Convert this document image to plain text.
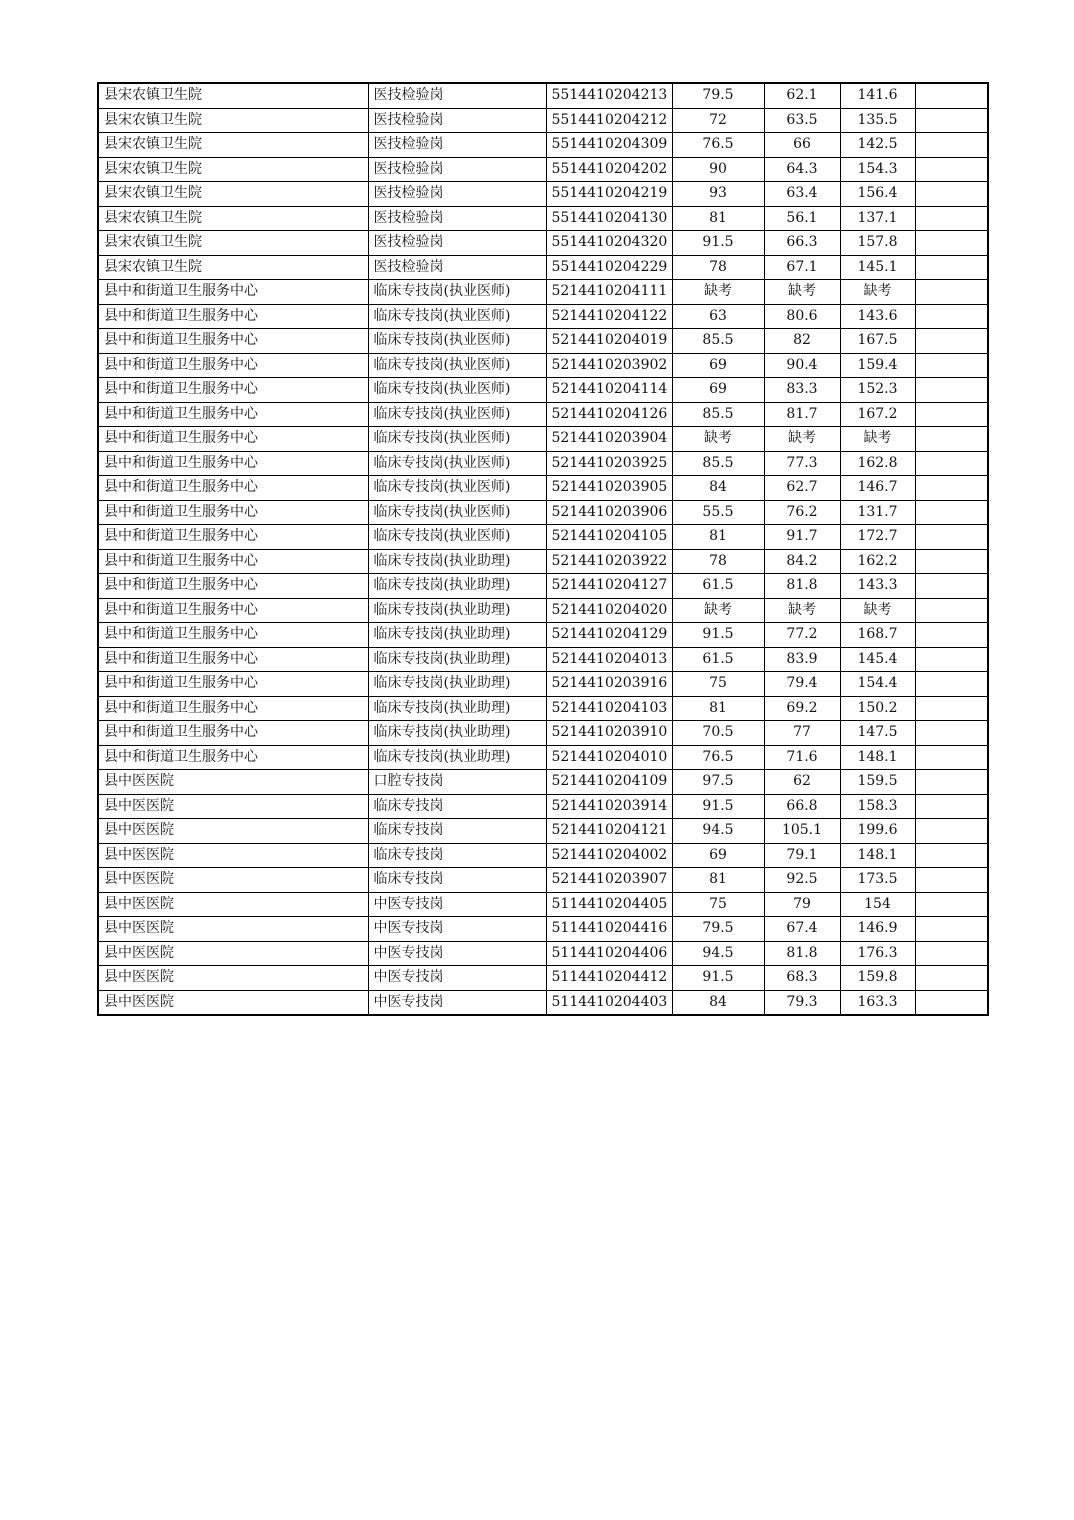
县宋农镇卫生院	医技检验岗	5514410204213	79.5	62.1	141.6	
县宋农镇卫生院	医技检验岗	5514410204212	72	63.5	135.5	
县宋农镇卫生院	医技检验岗	5514410204309	76.5	66	142.5	
县宋农镇卫生院	医技检验岗	5514410204202	90	64.3	154.3	
县宋农镇卫生院	医技检验岗	5514410204219	93	63.4	156.4	
县宋农镇卫生院	医技检验岗	5514410204130	81	56.1	137.1	
县宋农镇卫生院	医技检验岗	5514410204320	91.5	66.3	157.8	
县宋农镇卫生院	医技检验岗	5514410204229	78	67.1	145.1	
县中和街道卫生服务中心	临床专技岗(执业医师)	5214410204111	缺考	缺考	缺考	
县中和街道卫生服务中心	临床专技岗(执业医师)	5214410204122	63	80.6	143.6	
县中和街道卫生服务中心	临床专技岗(执业医师)	5214410204019	85.5	82	167.5	
县中和街道卫生服务中心	临床专技岗(执业医师)	5214410203902	69	90.4	159.4	
县中和街道卫生服务中心	临床专技岗(执业医师)	5214410204114	69	83.3	152.3	
县中和街道卫生服务中心	临床专技岗(执业医师)	5214410204126	85.5	81.7	167.2	
县中和街道卫生服务中心	临床专技岗(执业医师)	5214410203904	缺考	缺考	缺考	
县中和街道卫生服务中心	临床专技岗(执业医师)	5214410203925	85.5	77.3	162.8	
县中和街道卫生服务中心	临床专技岗(执业医师)	5214410203905	84	62.7	146.7	
县中和街道卫生服务中心	临床专技岗(执业医师)	5214410203906	55.5	76.2	131.7	
县中和街道卫生服务中心	临床专技岗(执业医师)	5214410204105	81	91.7	172.7	
县中和街道卫生服务中心	临床专技岗(执业助理)	5214410203922	78	84.2	162.2	
县中和街道卫生服务中心	临床专技岗(执业助理)	5214410204127	61.5	81.8	143.3	
县中和街道卫生服务中心	临床专技岗(执业助理)	5214410204020	缺考	缺考	缺考	
县中和街道卫生服务中心	临床专技岗(执业助理)	5214410204129	91.5	77.2	168.7	
县中和街道卫生服务中心	临床专技岗(执业助理)	5214410204013	61.5	83.9	145.4	
县中和街道卫生服务中心	临床专技岗(执业助理)	5214410203916	75	79.4	154.4	
县中和街道卫生服务中心	临床专技岗(执业助理)	5214410204103	81	69.2	150.2	
县中和街道卫生服务中心	临床专技岗(执业助理)	5214410203910	70.5	77	147.5	
县中和街道卫生服务中心	临床专技岗(执业助理)	5214410204010	76.5	71.6	148.1	
县中医医院	口腔专技岗	5214410204109	97.5	62	159.5	
县中医医院	临床专技岗	5214410203914	91.5	66.8	158.3	
县中医医院	临床专技岗	5214410204121	94.5	105.1	199.6	
县中医医院	临床专技岗	5214410204002	69	79.1	148.1	
县中医医院	临床专技岗	5214410203907	81	92.5	173.5	
县中医医院	中医专技岗	5114410204405	75	79	154	
县中医医院	中医专技岗	5114410204416	79.5	67.4	146.9	
县中医医院	中医专技岗	5114410204406	94.5	81.8	176.3	
县中医医院	中医专技岗	5114410204412	91.5	68.3	159.8	
县中医医院	中医专技岗	5114410204403	84	79.3	163.3	
